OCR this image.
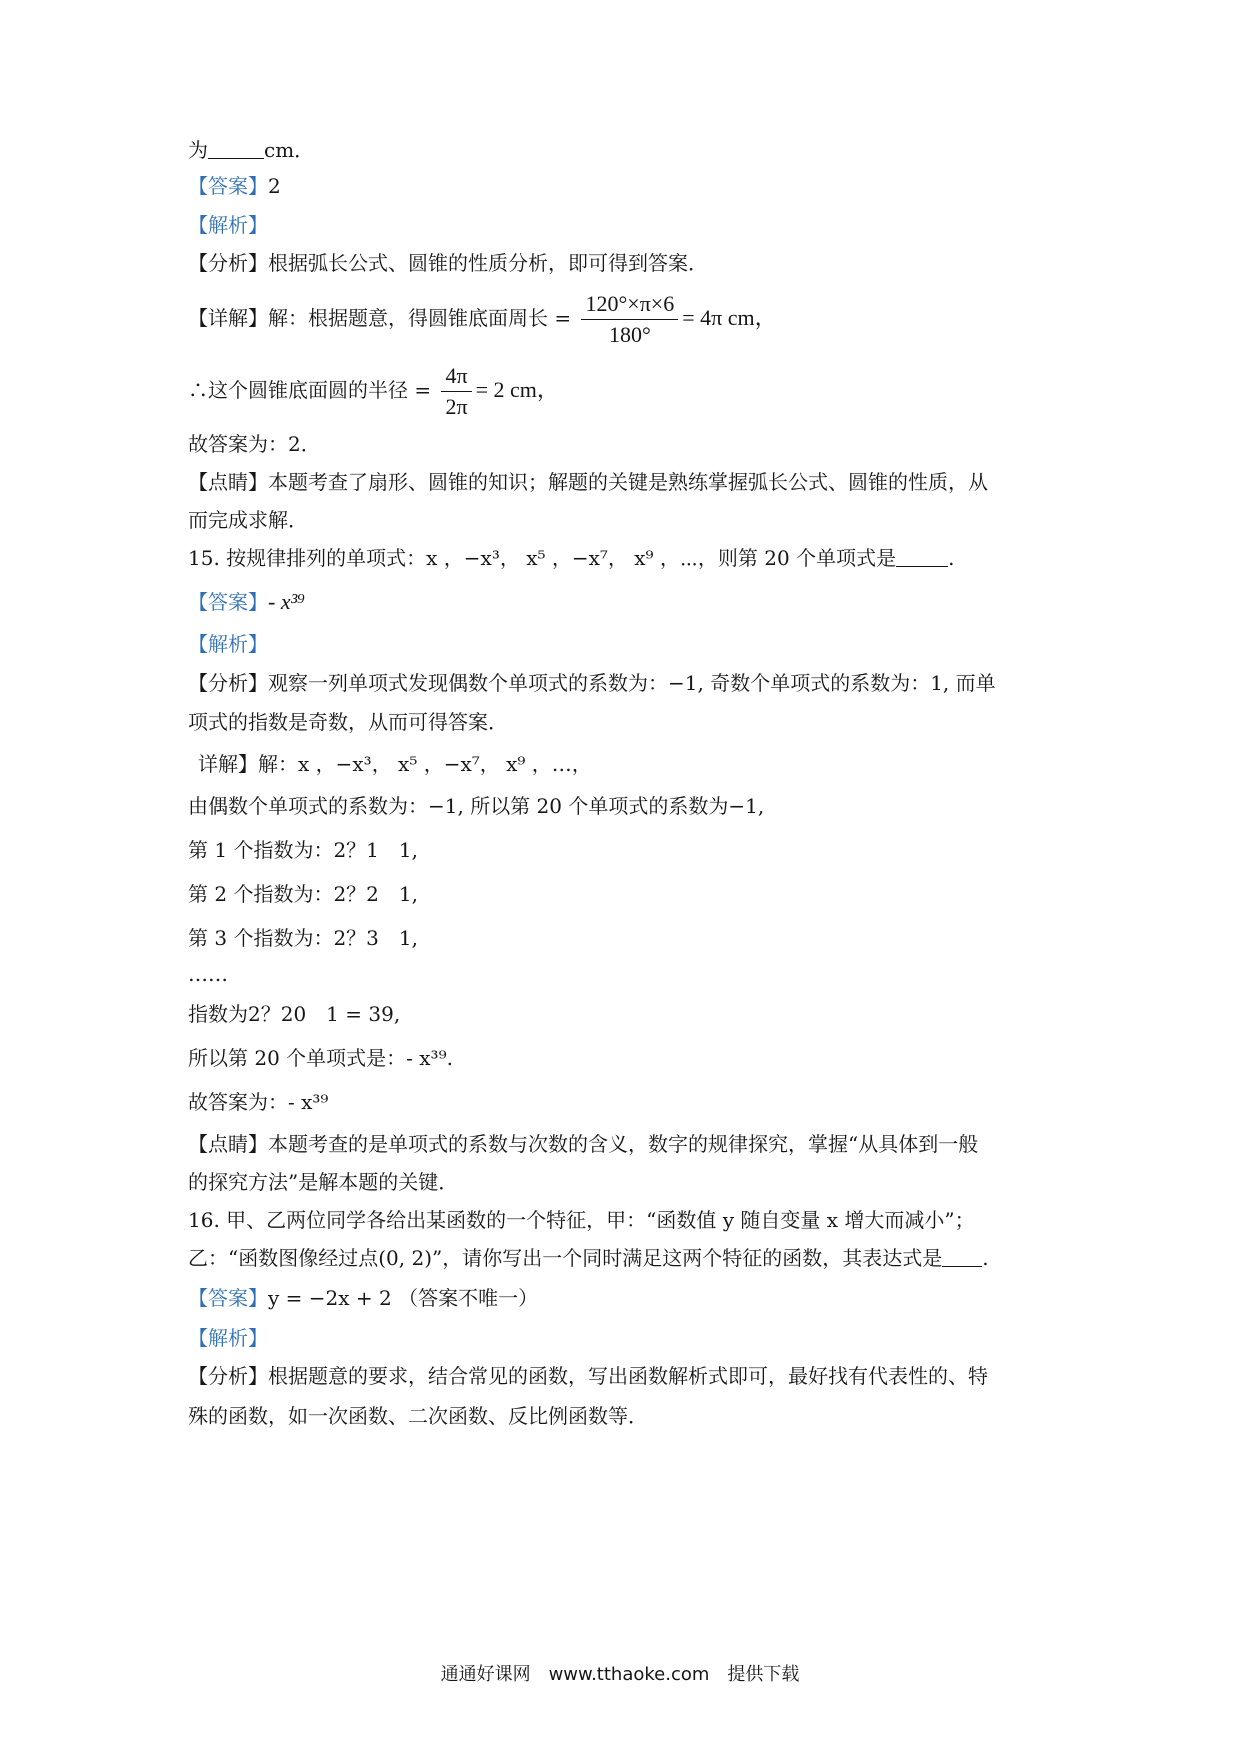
为	cm．
【答案】2
【解析】
【分析】根据弧长公式、圆锥的性质分析，即可得到答案．
【详解】解：根据题意，得圆锥底面周长 = $\frac{120^\circ\times\pi\times 6}{180^\circ} = 4\pi$ cm，
∴这个圆锥底面圆的半径 = $\frac{4\pi}{2\pi} = 2$ cm，
故答案为：2．
【点睛】本题考查了扇形、圆锥的知识；解题的关键是熟练掌握弧长公式、圆锥的性质，从
而完成求解．
15. 按规律排列的单项式：x ，−x³， x⁵ ，−x⁷， x⁹ ，⋯，则第 20 个单项式是	.
【答案】- x³⁹
【解析】
【分析】观察一列单项式发现偶数个单项式的系数为：−1, 奇数个单项式的系数为：1, 而单
项式的指数是奇数，从而可得答案．
详解】解：x ，−x³， x⁵ ，−x⁷， x⁹ ，…，
由偶数个单项式的系数为：−1, 所以第 20 个单项式的系数为−1,
第 1 个指数为：2？1　1,
第 2 个指数为：2？2　1,
第 3 个指数为：2？3　1,
……
指数为2？20　1 = 39,
所以第 20 个单项式是：- x³⁹.
故答案为：- x³⁹
【点睛】本题考查的是单项式的系数与次数的含义，数字的规律探究，掌握“从具体到一般
的探究方法”是解本题的关键．
16. 甲、乙两位同学各给出某函数的一个特征，甲：“函数值 y 随自变量 x 增大而减小”；
乙：“函数图像经过点(0, 2)”，请你写出一个同时满足这两个特征的函数，其表达式是 .
【答案】y = −2x + 2 （答案不唯一）
【解析】
【分析】根据题意的要求，结合常见的函数，写出函数解析式即可，最好找有代表性的、特
殊的函数，如一次函数、二次函数、反比例函数等．
通通好课网　www.tthaoke.com　提供下载
